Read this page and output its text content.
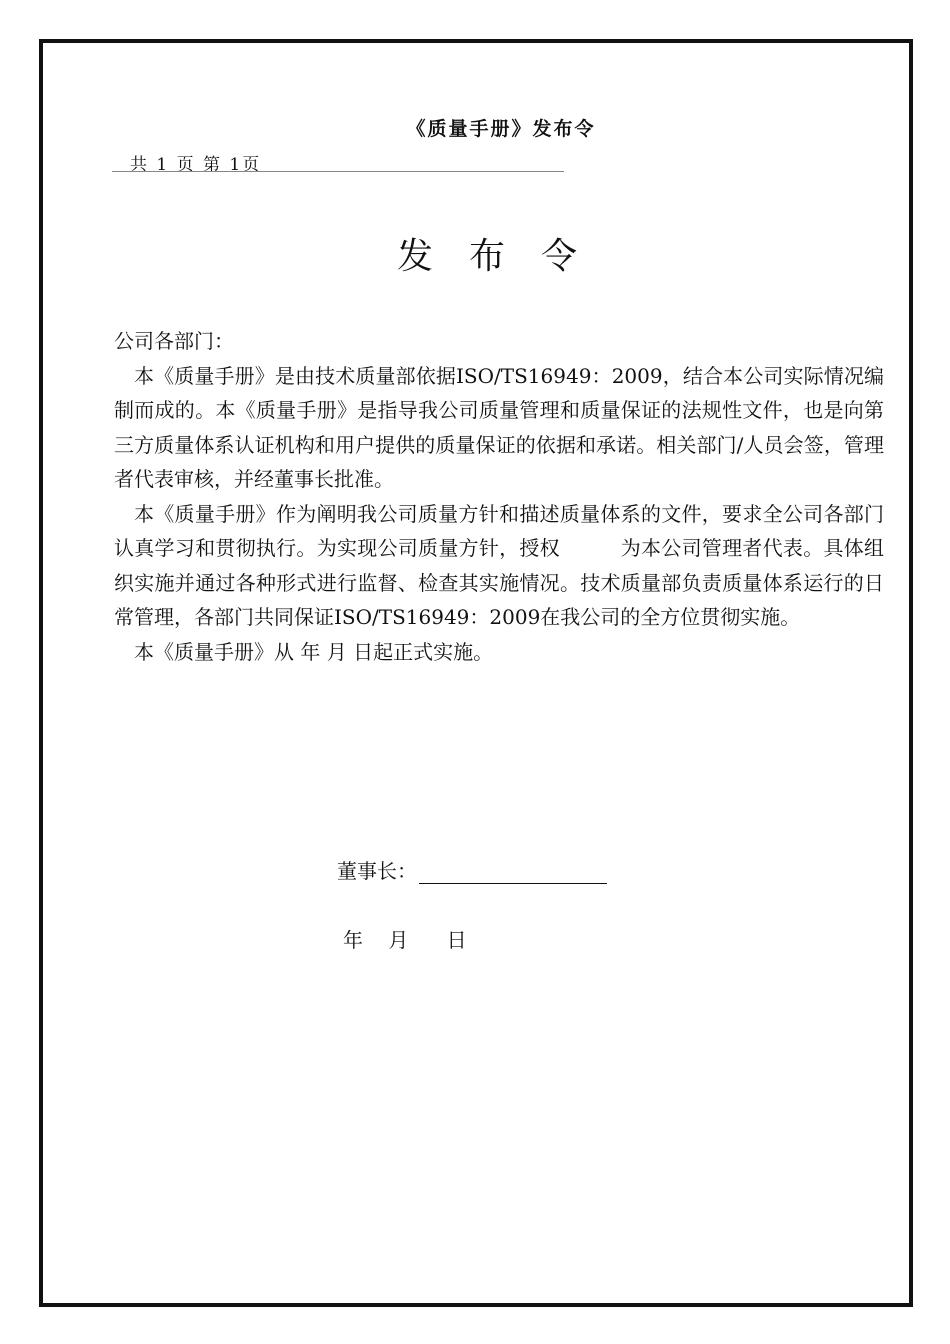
《质量手册》发布令
共 1 页 第 1页
发　布　令

公司各部门：

本《质量手册》是由技术质量部依据ISO/TS16949：2009，结合本公司实际情况编制而成的。本《质量手册》是指导我公司质量管理和质量保证的法规性文件，也是向第三方质量体系认证机构和用户提供的质量保证的依据和承诺。相关部门/人员会签，管理者代表审核，并经董事长批准。

本《质量手册》作为阐明我公司质量方针和描述质量体系的文件，要求全公司各部门认真学习和贯彻执行。为实现公司质量方针，授权　　　为本公司管理者代表。具体组织实施并通过各种形式进行监督、检查其实施情况。技术质量部负责质量体系运行的日常管理，各部门共同保证ISO/TS16949：2009在我公司的全方位贯彻实施。

本《质量手册》从 年 月 日起正式实施。

董事长：
年    月      日
